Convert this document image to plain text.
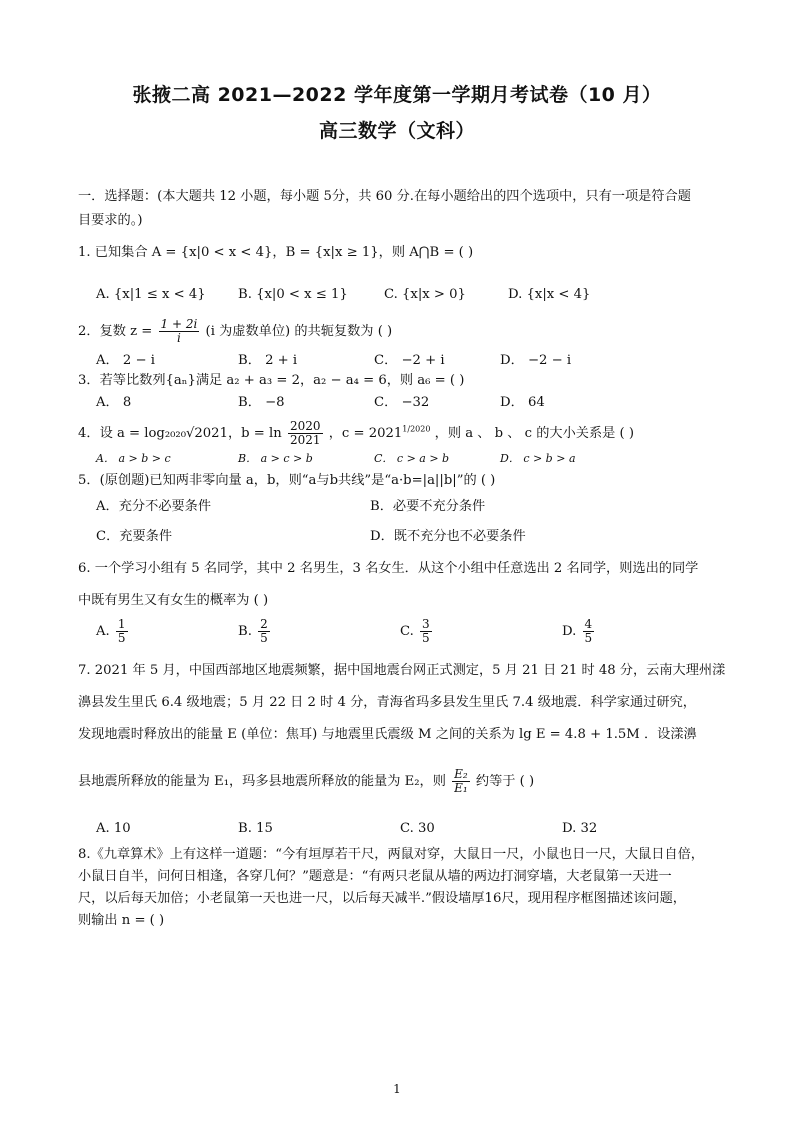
张掖二高 2021—2022 学年度第一学期月考试卷（10 月）
高三数学（文科）
一．选择题：(本大题共 12 小题，每小题 5分，共 60 分.在每小题给出的四个选项中，只有一项是符合题
目要求的。)
1. 已知集合 A = {x|0 < x < 4}，B = {x|x ≥ 1}，则 A⋂B = ( )
A. {x|1 ≤ x < 4} B. {x|0 < x ≤ 1}	C. {x|x > 0}	D. {x|x < 4}
2．复数 $z = \frac{1 + 2i}{i} (i$ 为虚数单位) 的共轭复数为 ( )
A． 2 − i	B． 2 + i	C． −2 + i	D． −2 − i
3．若等比数列{aₙ}满足 a₂ + a₃ = 2，a₂ − a₄ = 6，则 a₆ = ( )
A． 8	B． −8	C． −32	D． 64
4．设 a = log₂₀₂₀√2021，$b = \ln \frac{2020}{2021}$ ，$c = 2021^{1/2020}$ ，则 a 、 b 、 c 的大小关系是 ( )
A． a > b > c	B． a > c > b	C． c > a > b	D． c > b > a
5．(原创题)已知两非零向量 a，b，则“a与b共线”是“a·b=|a||b|”的 ( )
A．充分不必要条件	B．必要不充分条件
C．充要条件	D．既不充分也不必要条件
6. 一个学习小组有 5 名同学，其中 2 名男生，3 名女生．从这个小组中任意选出 2 名同学，则选出的同学
中既有男生又有女生的概率为 ( )
A. $\frac{1}{5}$	B. $\frac{2}{5}$	C. $\frac{3}{5}$	D. $\frac{4}{5}$
7. 2021 年 5 月，中国西部地区地震频繁，据中国地震台网正式测定，5 月 21 日 21 时 48 分，云南大理州漾
濞县发生里氏 6.4 级地震；5 月 22 日 2 时 4 分，青海省玛多县发生里氏 7.4 级地震．科学家通过研究，
发现地震时释放出的能量 E (单位：焦耳) 与地震里氏震级 M 之间的关系为 lg E = 4.8 + 1.5M ．设漾濞
县地震所释放的能量为 E₁，玛多县地震所释放的能量为 E₂，则 $\frac{\text{E₂}}{\text{E₁}}$ 约等于 ( )
A. 10	B. 15	C. 30	D. 32
8.《九章算术》上有这样一道题：“今有垣厚若干尺，两鼠对穿，大鼠日一尺，小鼠也日一尺，大鼠日自倍，
小鼠日自半，问何日相逢，各穿几何？”题意是：“有两只老鼠从墙的两边打洞穿墙，大老鼠第一天进一
尺，以后每天加倍；小老鼠第一天也进一尺，以后每天减半.”假设墙厚16尺，现用程序框图描述该问题，
则输出 n = ( )
1
